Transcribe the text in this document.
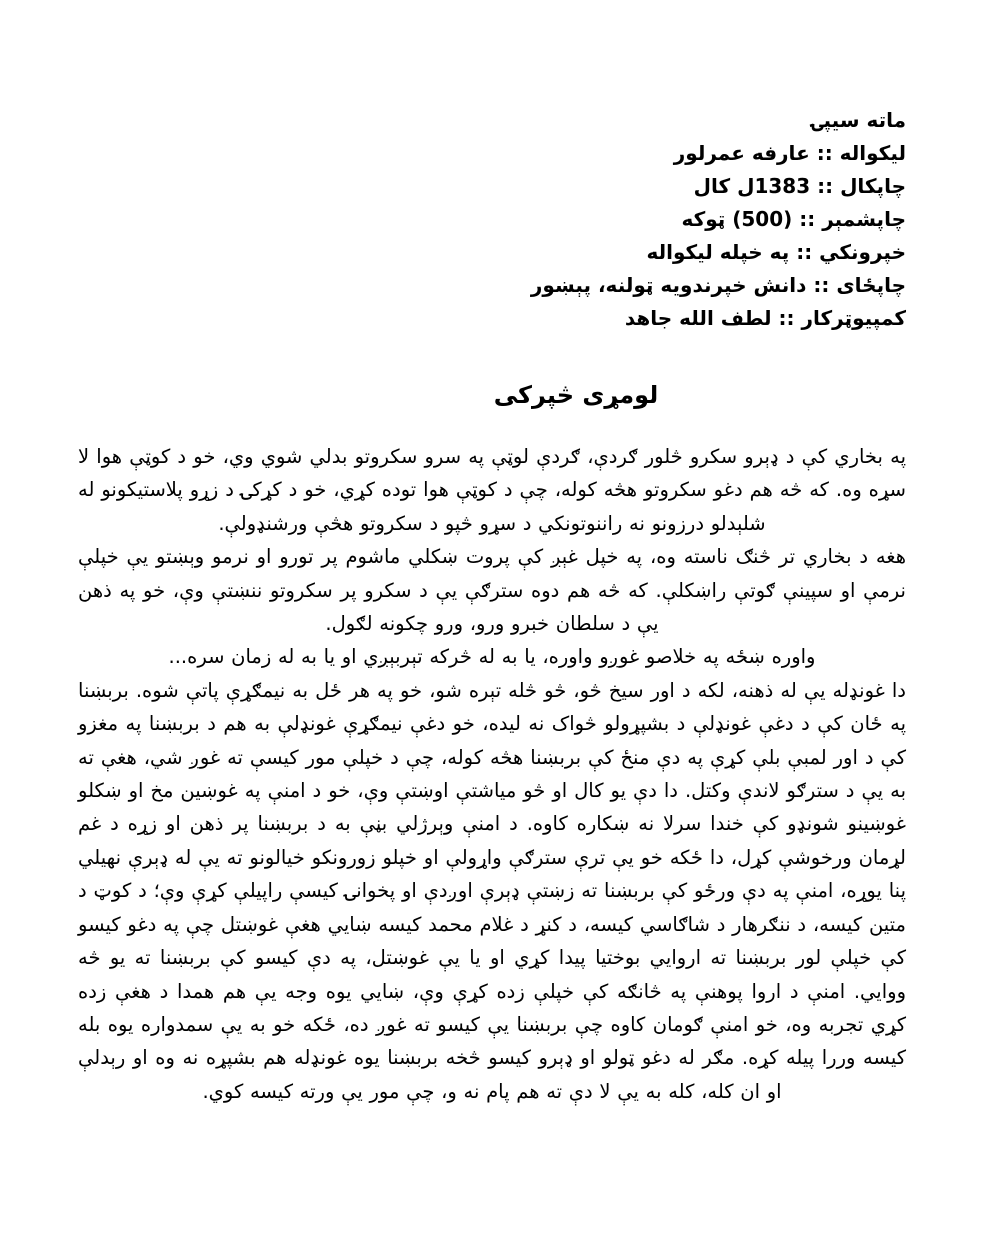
ماته سيپۍ
ليکواله :: عارفه عمرلور
چاپکال :: 1383ل کال
چاپشمېر :: (500) ټوکه
خپرونکي :: په خپله ليکواله
چاپځای :: دانش خپرندويه ټولنه، پېښور
کمپيوټرکار :: لطف الله جاهد
لومړی څپرکی

په بخاري کې د ډېرو سکرو څلور ګردې، ګردې لوټې په سرو سکروتو بدلي شوي وي، خو د کوټې هوا لا سړه وه. که څه هم دغو سکروتو هڅه کوله، چې د کوټې هوا توده کړي، خو د کړکۍ د زړو پلاستيکونو له شلېدلو درزونو نه راننوتونکي د سړو څپو د سکروتو هڅې ورشنډولې.

هغه د بخاري تر څنګ ناسته وه، په خپل غېږ کې پروت ښکلي ماشوم پر تورو او نرمو وېښتو يې خپلې نرمې او سپينې ګوتې راښکلې. که څه هم دوه سترګې يې د سکرو پر سکروتو ننښتې وې، خو په ذهن يې د سلطان خبرو ورو، ورو چکونه لګول.

واوره ښځه په خلاصو غوږو واوره، يا به له څرکه تېربېږي او يا به له زمان سره...

دا غونډله يې له ذهنه، لکه د اور سيخ څو، څو څله تېره شو، خو په هر ځل به نيمګړې پاتې شوه. بربښنا په ځان کې د دغې غونډلې د بشپړولو څواک نه ليده، خو دغې نيمګړې غونډلې به هم د بربښنا په مغزو کې د اور لمبې بلې کړې په دې منځ کې بربښنا هڅه کوله، چې د خپلې مور کيسې ته غوږ شي، هغې ته به يې د سترګو لاندې وکتل. دا دې يو کال او څو مياشتې اوښتې وې، خو د امنې په غوښين مخ او ښکلو غوښينو شونډو کې خندا سرلا نه ښکاره کاوه. د امنې وېرژلي بڼې به د بربښنا پر ذهن او زړه د غم لړمان ورخوشې کړل، دا ځکه خو يې ترې سترګې واړولې او خپلو زورونکو خيالونو ته يې له ډېرې نهيلي پنا يوړه، امنې په دې ورځو کې بربښنا ته زښتې ډېرې اوږدې او پخوانۍ کيسې راپيلې کړې وې؛ د کوټ د متين کيسه، د ننګرهار د شاګاسي کيسه، د کنړ د غلام محمد کيسه ښايي هغې غوښتل چې په دغو کيسو کې خپلې لور بربښنا ته اروايي بوختيا پيدا کړي او يا يې غوښتل، په دې کيسو کې بربښنا ته يو څه ووايي. امنې د اروا پوهنې په څانګه کې خپلې زده کړې وې، ښايي يوه وجه يې هم همدا د هغې زده کړي تجربه وه، خو امنې ګومان کاوه چې بربښنا يې کيسو ته غوږ ده، ځکه خو به يې سمدواره يوه بله کيسه وررا پيله کړه. مګر له دغو ټولو او ډېرو کيسو څخه بربښنا يوه غونډله هم بشپړه نه وه او رېدلې او ان کله، کله به يې لا دې ته هم پام نه و، چې مور يې ورته کيسه کوي.
